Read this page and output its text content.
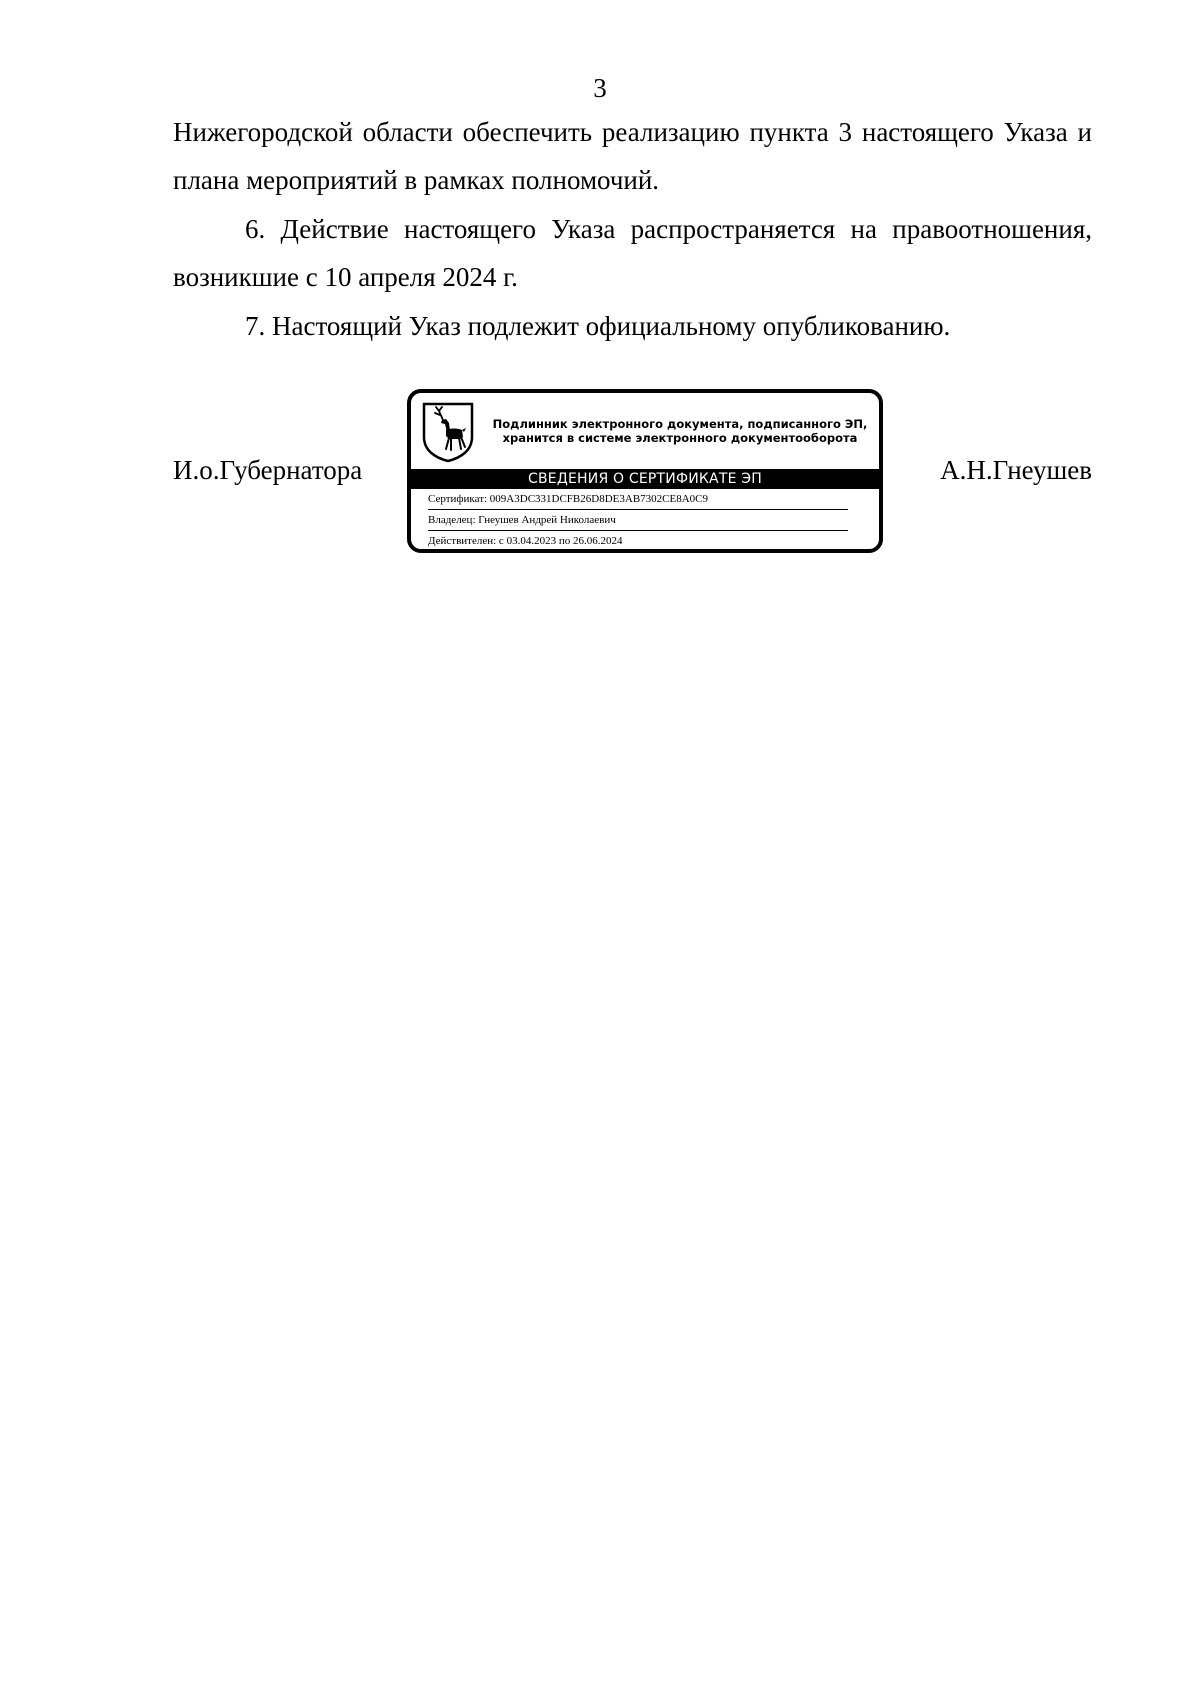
3

Нижегородской области обеспечить реализацию пункта 3 настоящего Указа и плана мероприятий в рамках полномочий.

6. Действие настоящего Указа распространяется на правоотношения, возникшие с 10 апреля 2024 г.

7. Настоящий Указ подлежит официальному опубликованию.

И.о.Губернатора
Подлинник электронного документа, подписанного ЭП,
хранится в системе электронного документооборота
СВЕДЕНИЯ О СЕРТИФИКАТЕ ЭП
Сертификат: 009A3DC331DCFB26D8DE3AB7302CE8A0C9
Владелец: Гнеушев Андрей Николаевич
Действителен: с 03.04.2023 по 26.06.2024
А.Н.Гнеушев
